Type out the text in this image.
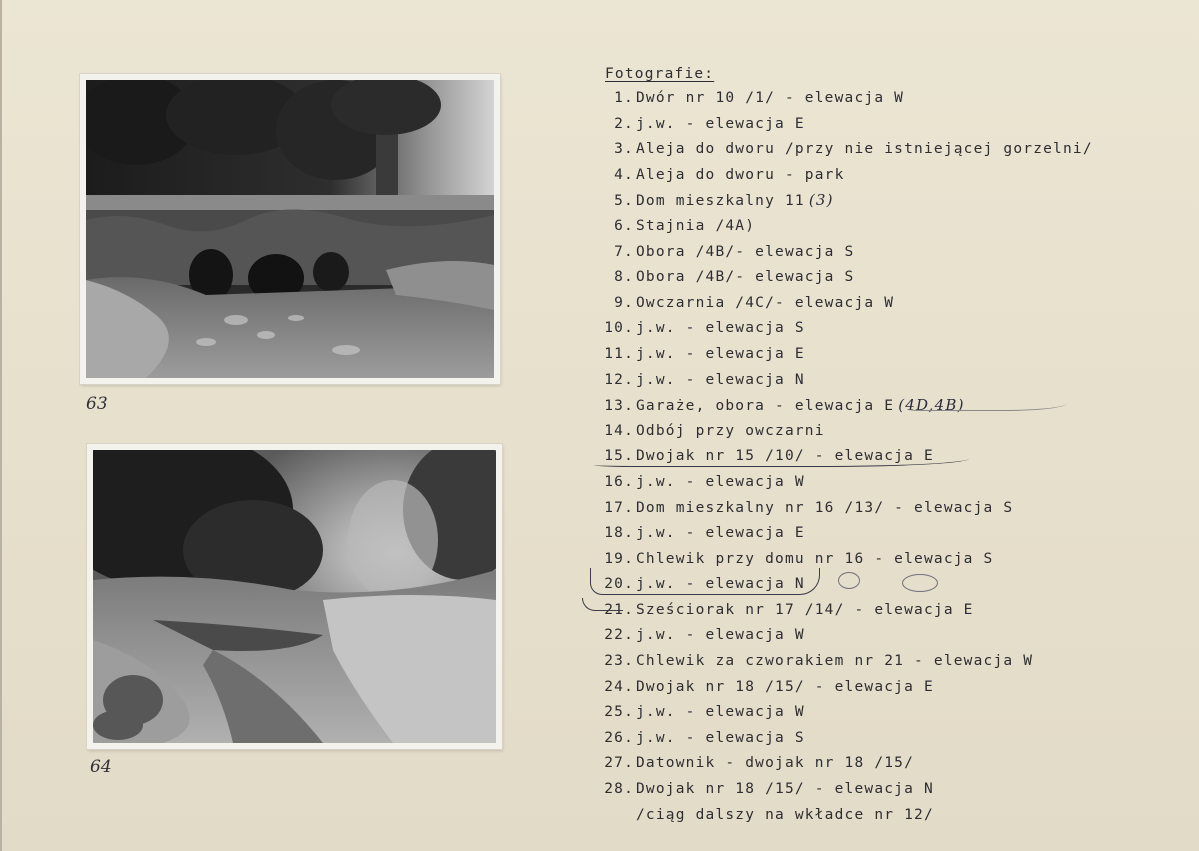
63
64
Fotografie:
1. Dwór nr 10 /1/ - elewacja W
2. j.w. - elewacja E
3. Aleja do dworu /przy nie istniejącej gorzelni/
4. Aleja do dworu - park
5. Dom mieszkalny 11 (3)
6. Stajnia /4A)
7. Obora /4B/- elewacja S
8. Obora /4B/- elewacja S
9. Owczarnia /4C/- elewacja W
10. j.w. - elewacja S
11. j.w. - elewacja E
12. j.w. - elewacja N
13. Garaże, obora - elewacja E (4D,4B)
14. Odbój przy owczarni
15. Dwojak nr 15 /10/ - elewacja E
16. j.w. - elewacja W
17. Dom mieszkalny nr 16 /13/ - elewacja S
18. j.w. - elewacja E
19. Chlewik przy domu nr 16 - elewacja S
20. j.w. - elewacja N
21. Sześciorak nr 17 /14/ - elewacja E
22. j.w. - elewacja W
23. Chlewik za czworakiem nr 21 - elewacja W
24. Dwojak nr 18 /15/ - elewacja E
25. j.w. - elewacja W
26. j.w. - elewacja S
27. Datownik - dwojak nr 18 /15/
28. Dwojak nr 18 /15/ - elewacja N
/ciąg dalszy na wkładce nr 12/
